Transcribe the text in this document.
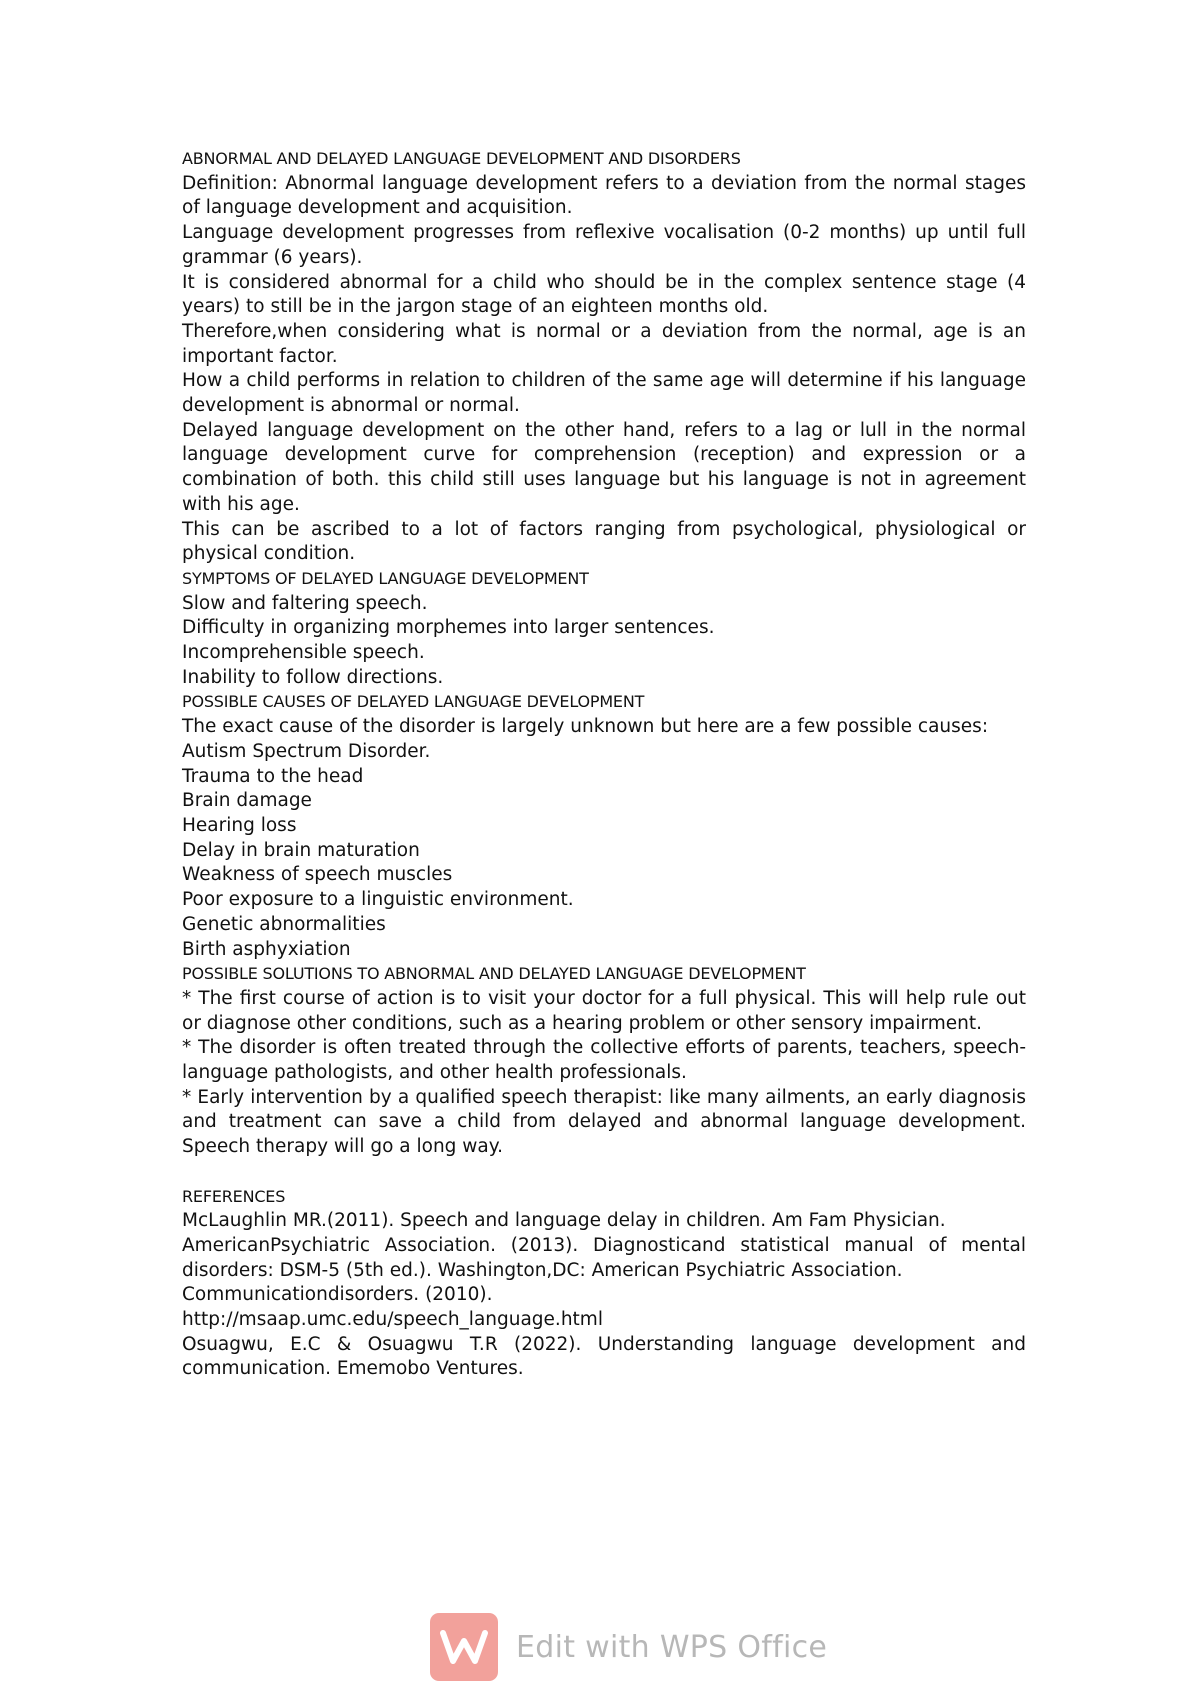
ABNORMAL AND DELAYED LANGUAGE DEVELOPMENT AND DISORDERS

Definition: Abnormal language development refers to a deviation from the normal stages of language development and acquisition.

Language development progresses from reflexive vocalisation (0-2 months) up until full grammar (6 years).

It is considered abnormal for a child who should be in the complex sentence stage (4 years) to still be in the jargon stage of an eighteen months old.

Therefore,when considering what is normal or a deviation from the normal, age is an important factor.

How a child performs in relation to children of the same age will determine if his language development is abnormal or normal.

Delayed language development on the other hand, refers to a lag or lull in the normal language development curve for comprehension (reception) and expression or a combination of both. this child still uses language but his language is not in agreement with his age.

This can be ascribed to a lot of factors ranging from psychological, physiological or physical condition.

SYMPTOMS OF DELAYED LANGUAGE DEVELOPMENT

Slow and faltering speech.

Difficulty in organizing morphemes into larger sentences.

Incomprehensible speech.

Inability to follow directions.

POSSIBLE CAUSES OF DELAYED LANGUAGE DEVELOPMENT

The exact cause of the disorder is largely unknown but here are a few possible causes:

Autism Spectrum Disorder.

Trauma to the head

Brain damage

Hearing loss

Delay in brain maturation

Weakness of speech muscles

Poor exposure to a linguistic environment.

Genetic abnormalities

Birth asphyxiation

POSSIBLE SOLUTIONS TO ABNORMAL AND DELAYED LANGUAGE DEVELOPMENT

* The first course of action is to visit your doctor for a full physical. This will help rule out or diagnose other conditions, such as a hearing problem or other sensory impairment.

* The disorder is often treated through the collective efforts of parents, teachers, speech-language pathologists, and other health professionals.

* Early intervention by a qualified speech therapist: like many ailments, an early diagnosis and treatment can save a child from delayed and abnormal language development. Speech therapy will go a long way.

REFERENCES

McLaughlin MR.(2011). Speech and language delay in children. Am Fam Physician.

AmericanPsychiatric Association. (2013). Diagnosticand statistical manual of mental disorders: DSM-5 (5th ed.). Washington,DC: American Psychiatric Association.

Communicationdisorders. (2010).

http://msaap.umc.edu/speech_language.html

Osuagwu, E.C & Osuagwu T.R (2022). Understanding language development and communication. Ememobo Ventures.

Edit with WPS Office
